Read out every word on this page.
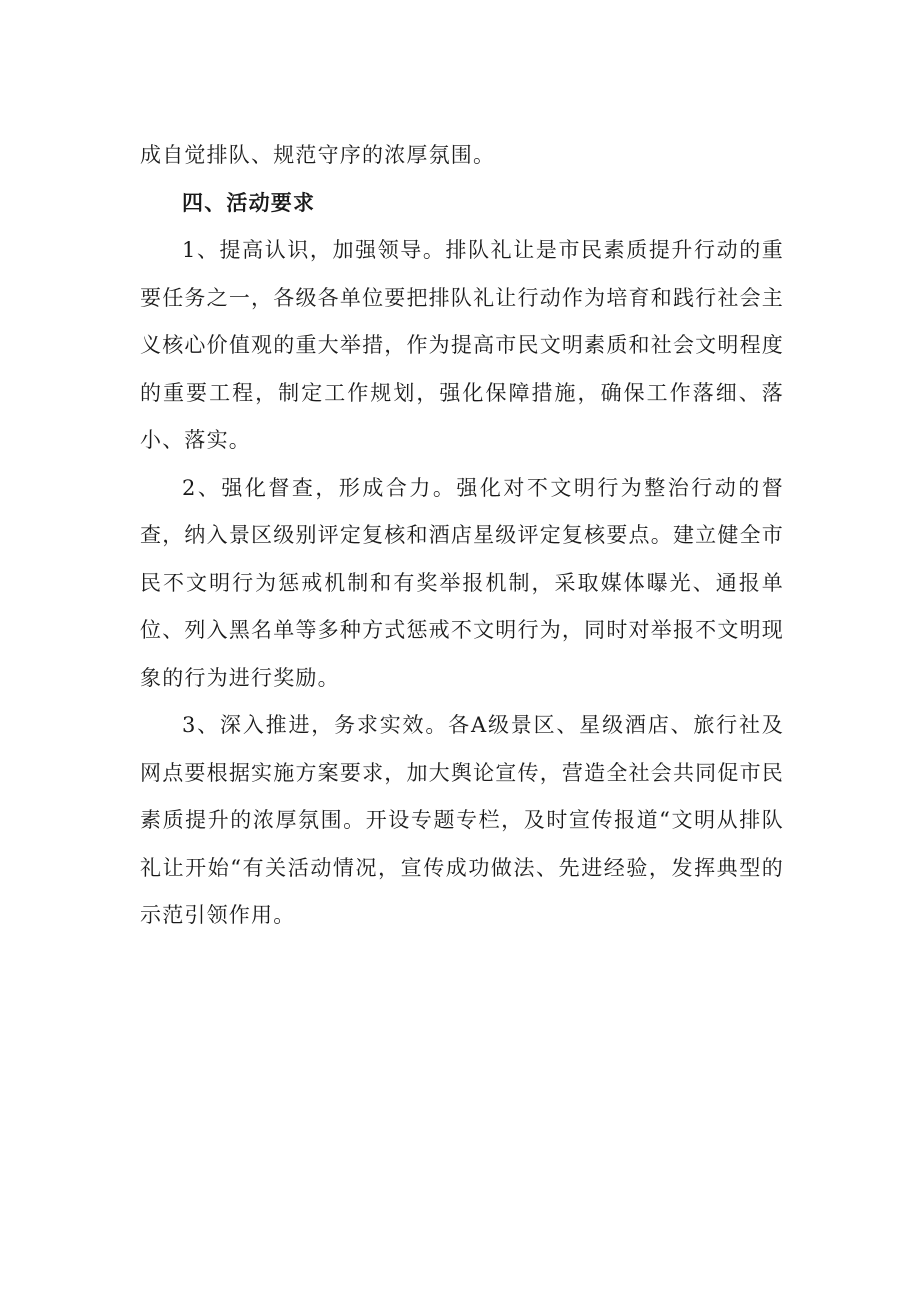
成自觉排队、规范守序的浓厚氛围。

四、活动要求

1、提高认识，加强领导。排队礼让是市民素质提升行动的重要任务之一，各级各单位要把排队礼让行动作为培育和践行社会主义核心价值观的重大举措，作为提高市民文明素质和社会文明程度的重要工程，制定工作规划，强化保障措施，确保工作落细、落小、落实。

2、强化督查，形成合力。强化对不文明行为整治行动的督查，纳入景区级别评定复核和酒店星级评定复核要点。建立健全市民不文明行为惩戒机制和有奖举报机制，采取媒体曝光、通报单位、列入黑名单等多种方式惩戒不文明行为，同时对举报不文明现象的行为进行奖励。

3、深入推进，务求实效。各A级景区、星级酒店、旅行社及网点要根据实施方案要求，加大舆论宣传，营造全社会共同促市民素质提升的浓厚氛围。开设专题专栏，及时宣传报道“文明从排队礼让开始“有关活动情况，宣传成功做法、先进经验，发挥典型的示范引领作用。
